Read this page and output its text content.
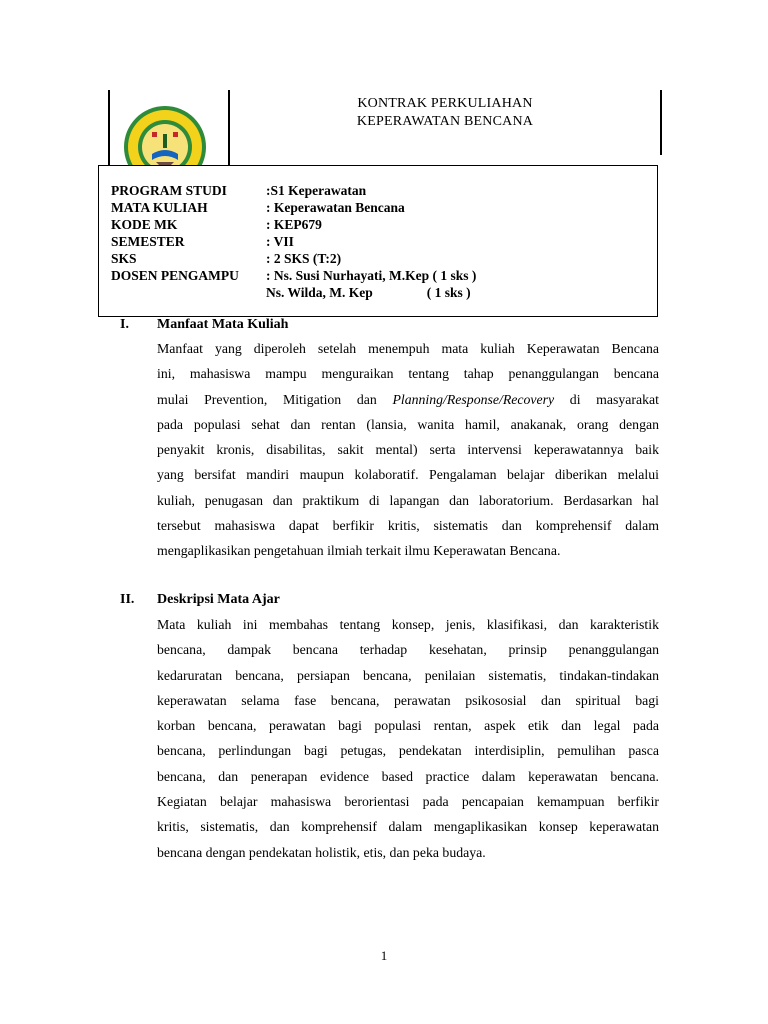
KONTRAK PERKULIAHAN
KEPERAWATAN BENCANA
PROGRAM STUDI	:S1 Keperawatan
MATA KULIAH	: Keperawatan Bencana
KODE MK	: KEP679
SEMESTER	: VII
SKS	: 2 SKS (T:2)
DOSEN PENGAMPU	: Ns. Susi Nurhayati, M.Kep ( 1 sks )
Ns. Wilda, M. Kep                ( 1 sks )
I. Manfaat Mata Kuliah
Manfaat yang diperoleh setelah menempuh mata kuliah Keperawatan Bencana
ini, mahasiswa mampu menguraikan tentang tahap penanggulangan bencana
mulai Prevention, Mitigation dan Planning/Response/Recovery di masyarakat
pada populasi sehat dan rentan (lansia, wanita hamil, anakanak, orang dengan
penyakit kronis, disabilitas, sakit mental) serta intervensi keperawatannya baik
yang bersifat mandiri maupun kolaboratif. Pengalaman belajar diberikan melalui
kuliah, penugasan dan praktikum di lapangan dan laboratorium. Berdasarkan hal
tersebut mahasiswa dapat berfikir kritis, sistematis dan komprehensif dalam
mengaplikasikan pengetahuan ilmiah terkait ilmu Keperawatan Bencana.
II. Deskripsi Mata Ajar
Mata kuliah ini membahas tentang konsep, jenis, klasifikasi, dan karakteristik
bencana, dampak bencana terhadap kesehatan, prinsip penanggulangan
kedaruratan bencana, persiapan bencana, penilaian sistematis, tindakan-tindakan
keperawatan selama fase bencana, perawatan psikososial dan spiritual bagi
korban bencana, perawatan bagi populasi rentan, aspek etik dan legal pada
bencana, perlindungan bagi petugas, pendekatan interdisiplin, pemulihan pasca
bencana, dan penerapan evidence based practice dalam keperawatan bencana.
Kegiatan belajar mahasiswa berorientasi pada pencapaian kemampuan berfikir
kritis, sistematis, dan komprehensif dalam mengaplikasikan konsep keperawatan
bencana dengan pendekatan holistik, etis, dan peka budaya.
1
